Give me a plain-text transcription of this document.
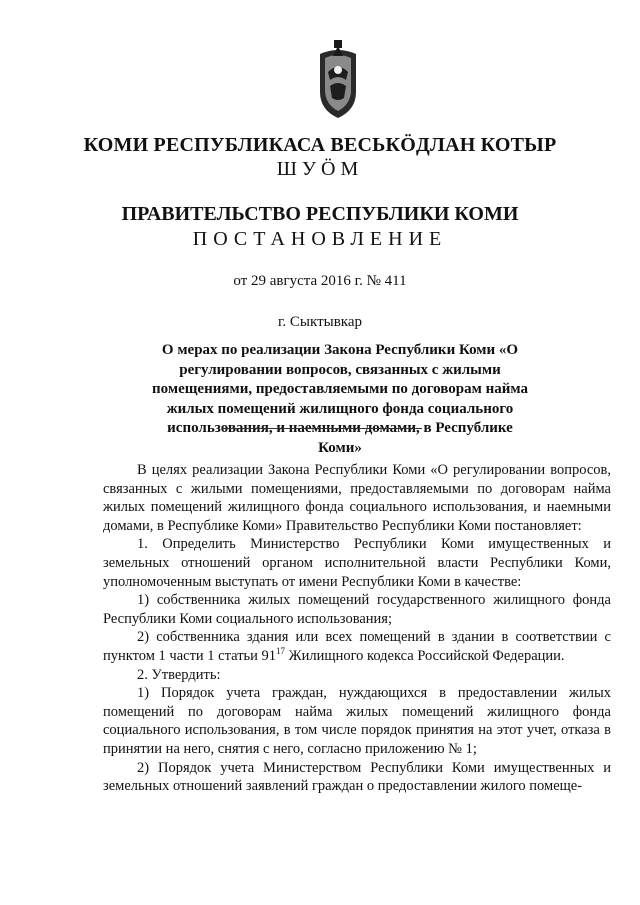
КОМИ РЕСПУБЛИКАСА ВЕСЬКӦДЛАН КОТЫР
ШУӦМ
ПРАВИТЕЛЬСТВО РЕСПУБЛИКИ КОМИ
ПОСТАНОВЛЕНИЕ
от 29 августа 2016 г. № 411
г. Сыктывкар
О мерах по реализации Закона Республики Коми «О регулировании вопросов, связанных с жилыми помещениями, предоставляемыми по договорам найма жилых помещений жилищного фонда социального использования, и наемными домами, в Республике Коми»

В целях реализации Закона Республики Коми «О регулировании вопросов, связанных с жилыми помещениями, предоставляемыми по договорам найма жилых помещений жилищного фонда социального использования, и наемными домами, в Республике Коми» Правительство Республики Коми постановляет:

1. Определить Министерство Республики Коми имущественных и земельных отношений органом исполнительной власти Республики Коми, уполномоченным выступать от имени Республики Коми в качестве:

1) собственника жилых помещений государственного жилищного фонда Республики Коми социального использования;

2) собственника здания или всех помещений в здании в соответствии с пунктом 1 части 1 статьи $91^{17}$ Жилищного кодекса Российской Федерации.

2. Утвердить:

1) Порядок учета граждан, нуждающихся в предоставлении жилых помещений по договорам найма жилых помещений жилищного фонда социального использования, в том числе порядок принятия на этот учет, отказа в принятии на него, снятия с него, согласно приложению № 1;

2) Порядок учета Министерством Республики Коми имущественных и земельных отношений заявлений граждан о предоставлении жилого помеще-
